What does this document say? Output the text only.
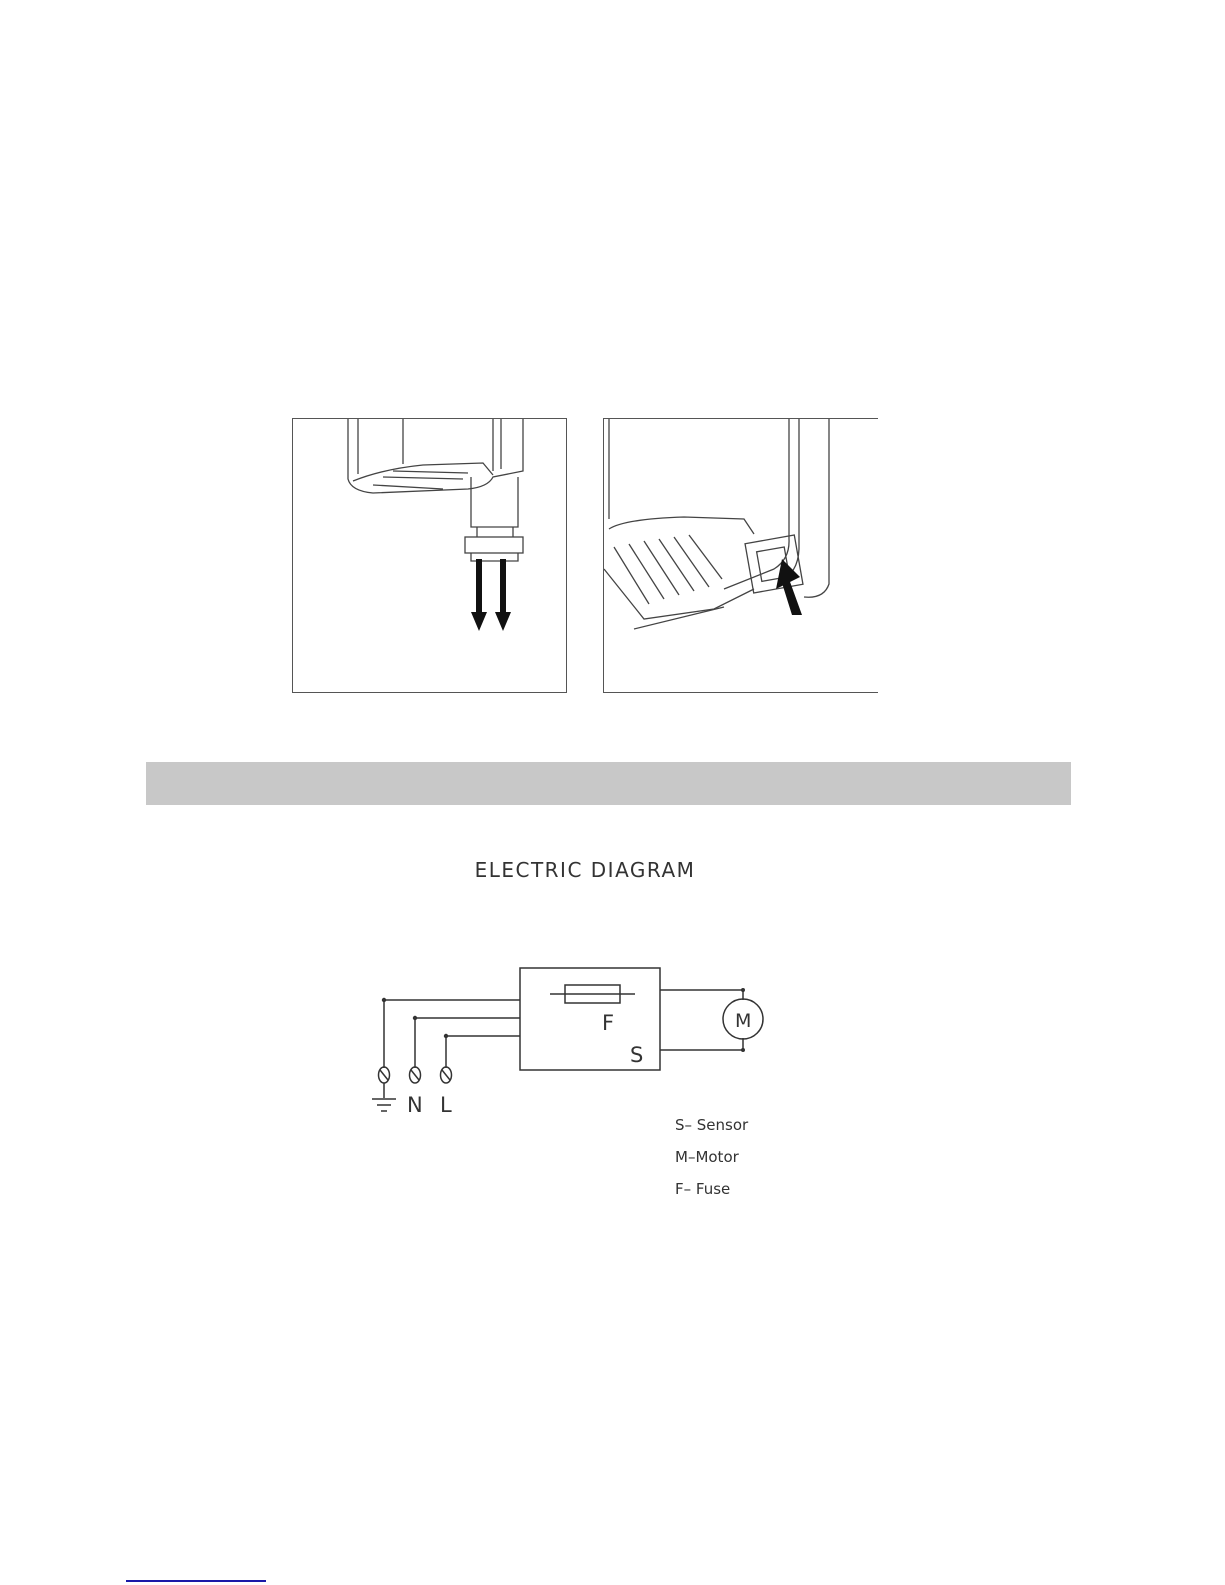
ELECTRIC DIAGRAM
F
S
M
N L
S– Sensor
M–Motor
F– Fuse
